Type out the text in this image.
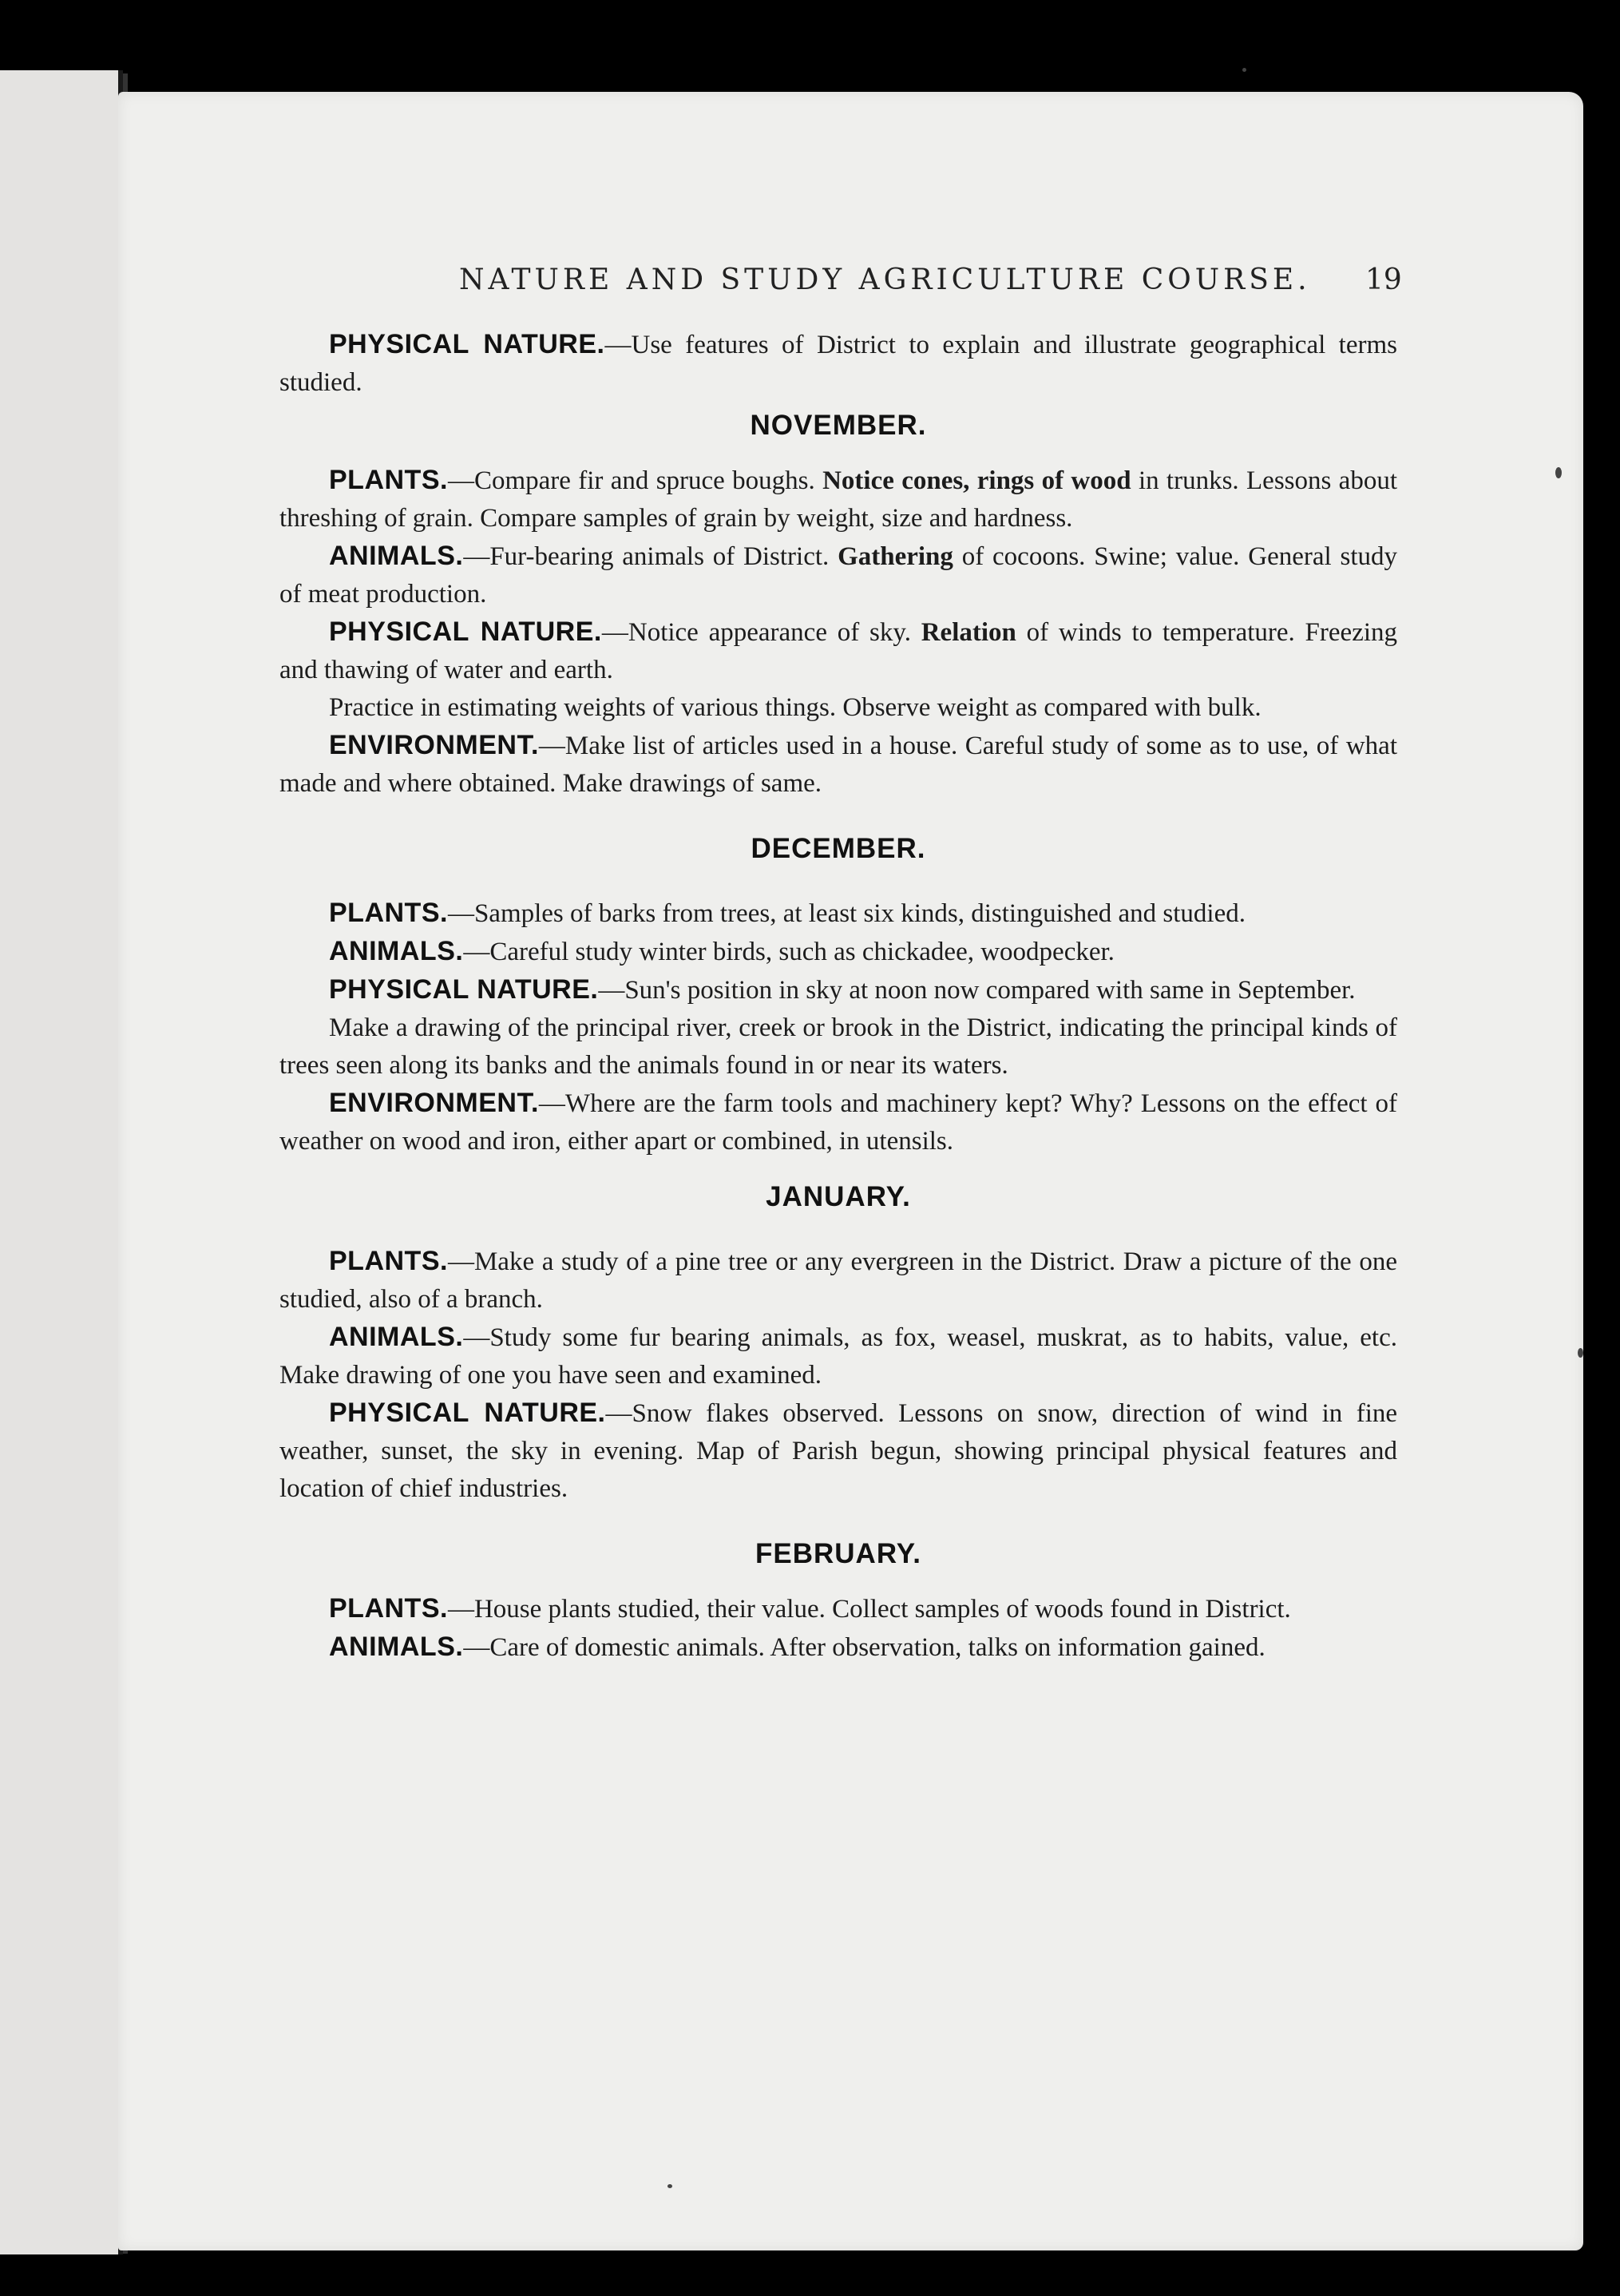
NATURE AND STUDY AGRICULTURE COURSE. 19

PHYSICAL NATURE.—Use features of District to explain and illustrate geographical terms studied.

NOVEMBER.

PLANTS.—Compare fir and spruce boughs. Notice cones, rings of wood in trunks. Lessons about threshing of grain. Compare samples of grain by weight, size and hardness.

ANIMALS.—Fur-bearing animals of District. Gathering of cocoons. Swine; value. General study of meat production.

PHYSICAL NATURE.—Notice appearance of sky. Relation of winds to temperature. Freezing and thawing of water and earth.

Practice in estimating weights of various things. Observe weight as compared with bulk.

ENVIRONMENT.—Make list of articles used in a house. Careful study of some as to use, of what made and where obtained. Make drawings of same.

DECEMBER.

PLANTS.—Samples of barks from trees, at least six kinds, distinguished and studied.

ANIMALS.—Careful study winter birds, such as chickadee, woodpecker.

PHYSICAL NATURE.—Sun's position in sky at noon now compared with same in September.

Make a drawing of the principal river, creek or brook in the District, indicating the principal kinds of trees seen along its banks and the animals found in or near its waters.

ENVIRONMENT.—Where are the farm tools and machinery kept? Why? Lessons on the effect of weather on wood and iron, either apart or combined, in utensils.

JANUARY.

PLANTS.—Make a study of a pine tree or any evergreen in the District. Draw a picture of the one studied, also of a branch.

ANIMALS.—Study some fur bearing animals, as fox, weasel, muskrat, as to habits, value, etc. Make drawing of one you have seen and examined.

PHYSICAL NATURE.—Snow flakes observed. Lessons on snow, direction of wind in fine weather, sunset, the sky in evening. Map of Parish begun, showing principal physical features and location of chief industries.

FEBRUARY.

PLANTS.—House plants studied, their value. Collect samples of woods found in District.

ANIMALS.—Care of domestic animals. After observation, talks on information gained.
